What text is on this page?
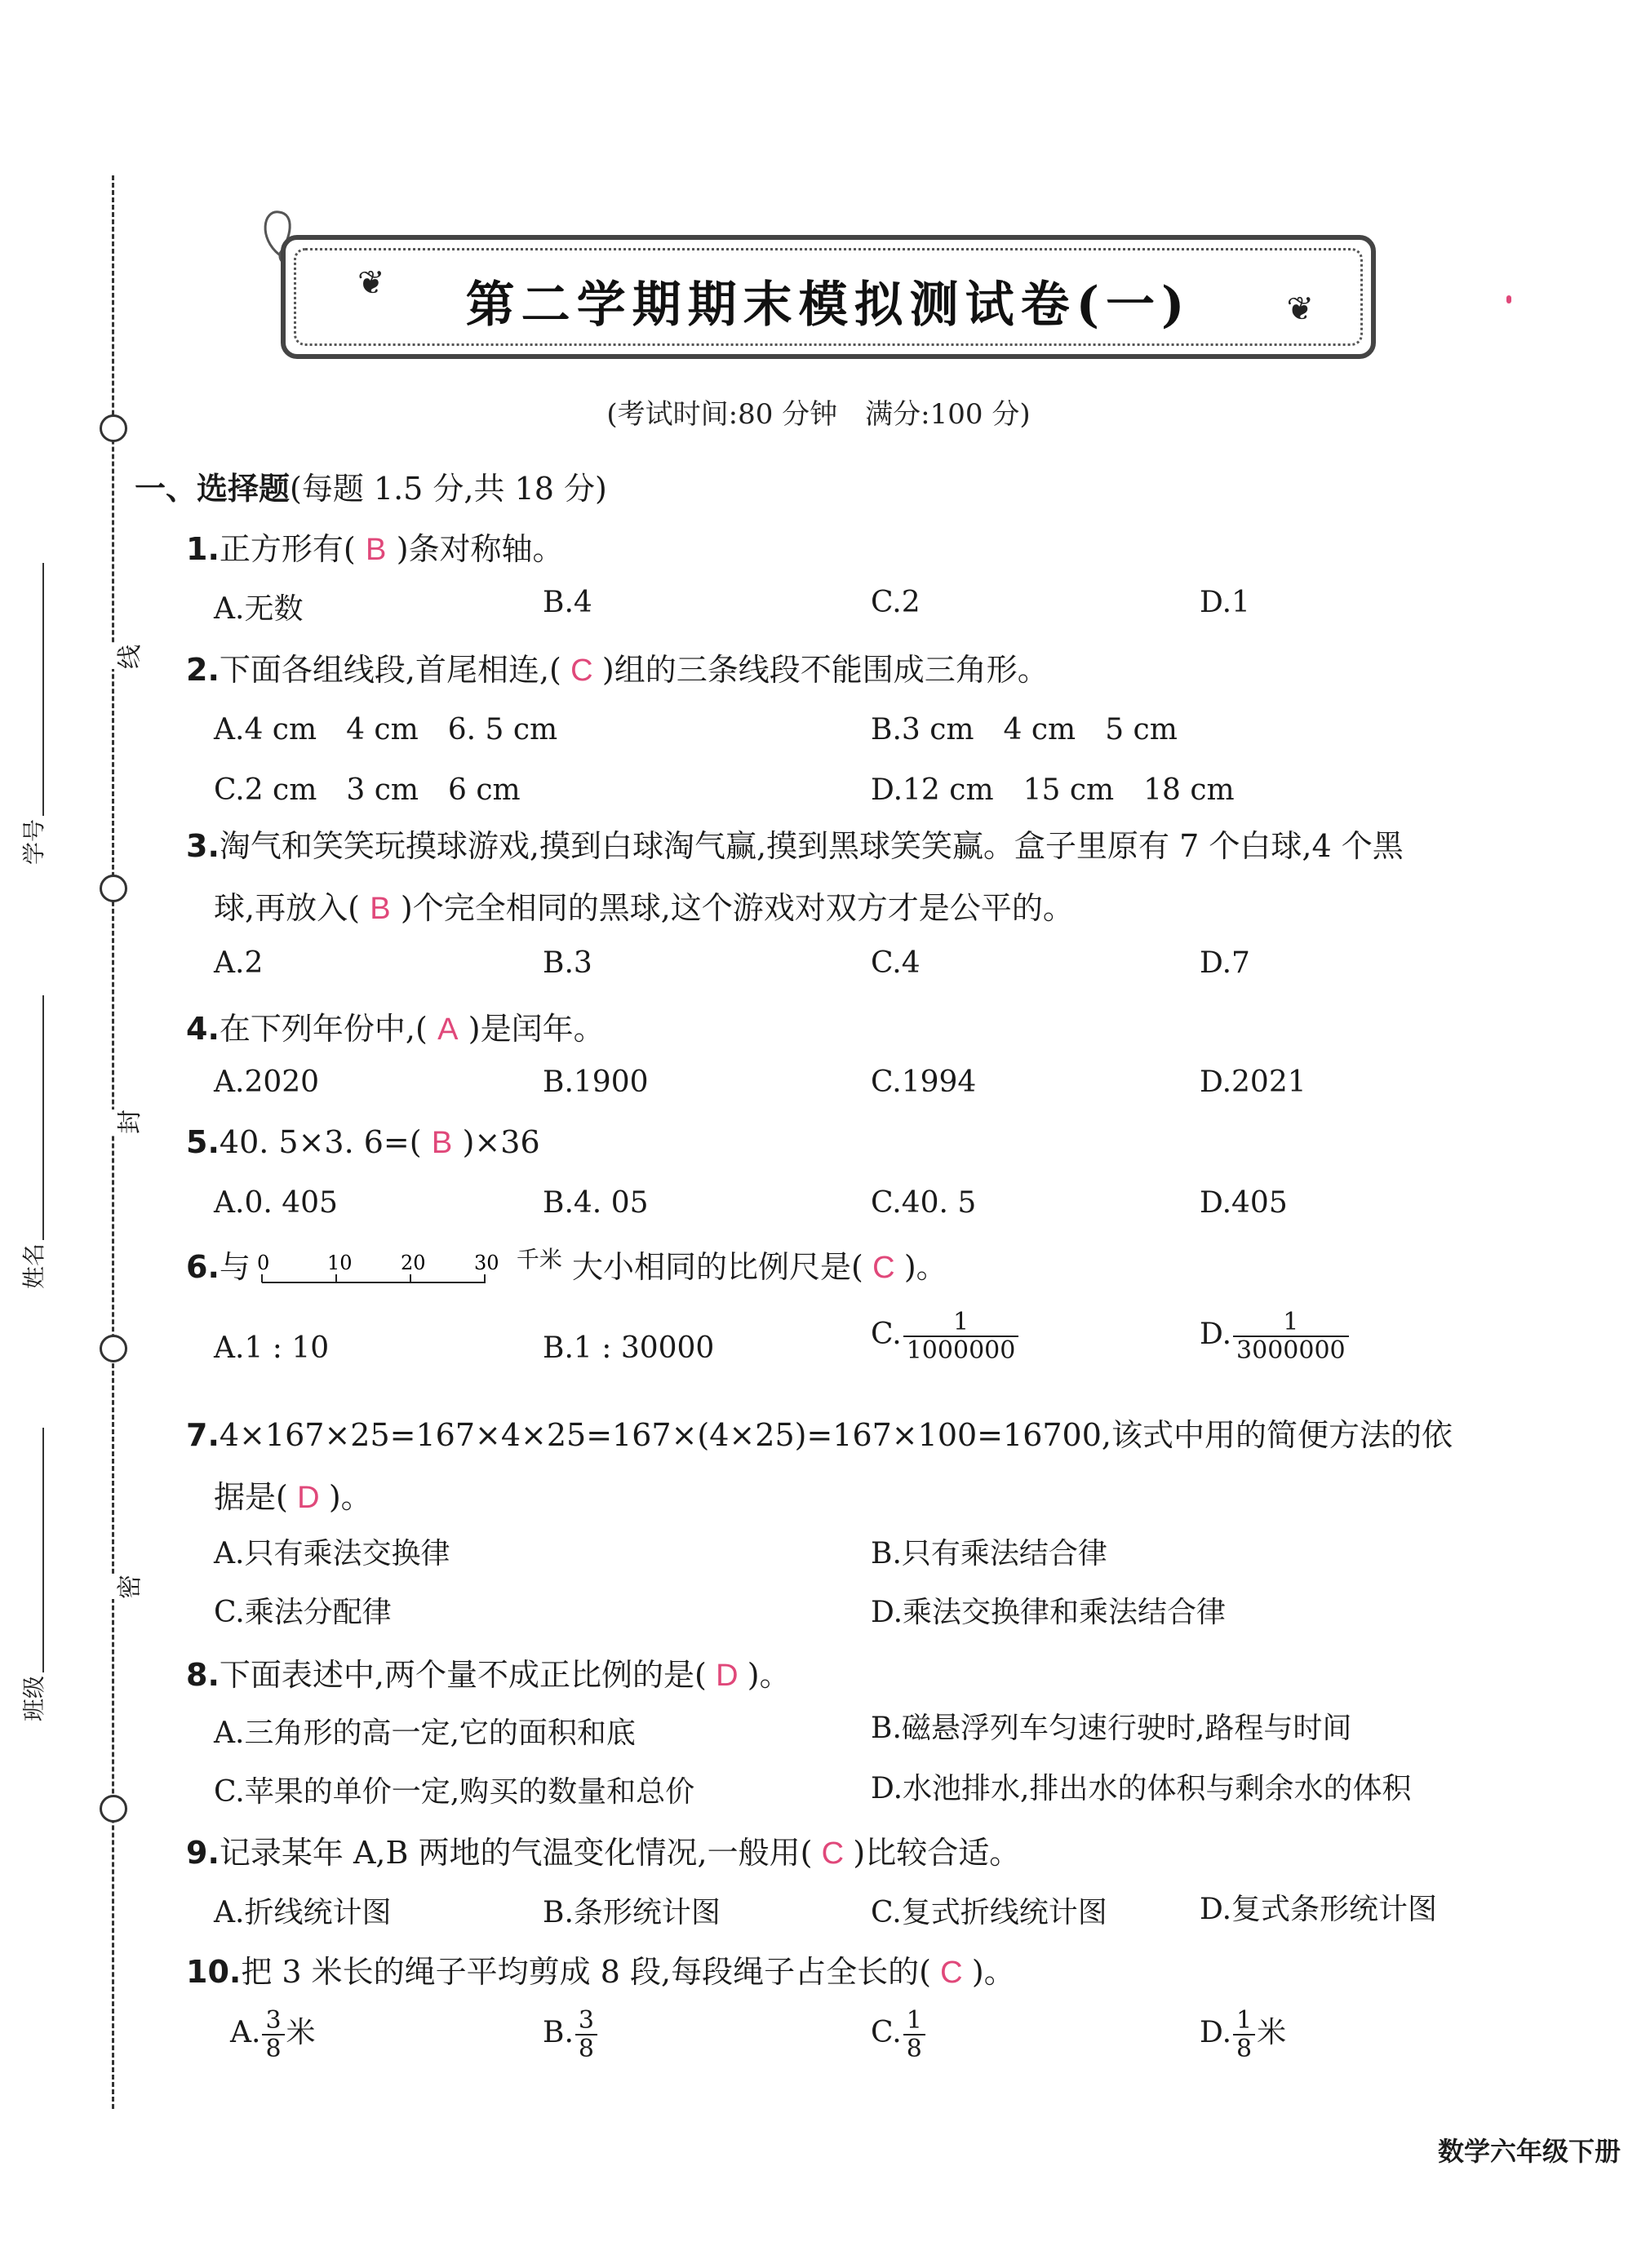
线
封
密
学号
姓名
班级
第二学期期末模拟测试卷(一)
❦
❦
(考试时间:80 分钟　满分:100 分)
一、选择题(每题 1.5 分,共 18 分)
1.正方形有( B )条对称轴。
A.无数	B.4	C.2	D.1
2.下面各组线段,首尾相连,( C )组的三条线段不能围成三角形。
A.4 cm　4 cm　6. 5 cm	B.3 cm　4 cm　5 cm
C.2 cm　3 cm　6 cm	D.12 cm　15 cm　18 cm
3.淘气和笑笑玩摸球游戏,摸到白球淘气赢,摸到黑球笑笑赢。盒子里原有 7 个白球,4 个黑
球,再放入( B )个完全相同的黑球,这个游戏对双方才是公平的。
A.2	B.3	C.4	D.7
4.在下列年份中,( A )是闰年。
A.2020	B.1900	C.1994	D.2021
5.40. 5×3. 6=( B )×36
A.0. 405	B.4. 05	C.40. 5	D.405
6.与 0	10 20 30 $^{千米}$ 大小相同的比例尺是( C )。
A.1 : 10	B.1 : 30000	C. $\frac{1}{1000000}$	D. $\frac{1}{3000000}$
7.4×167×25=167×4×25=167×(4×25)=167×100=16700,该式中用的简便方法的依
据是( D )。
A.只有乘法交换律	B.只有乘法结合律
C.乘法分配律	D.乘法交换律和乘法结合律
8.下面表述中,两个量不成正比例的是( D )。
A.三角形的高一定,它的面积和底	B.磁悬浮列车匀速行驶时,路程与时间
C.苹果的单价一定,购买的数量和总价	D.水池排水,排出水的体积与剩余水的体积
9.记录某年 A,B 两地的气温变化情况,一般用( C )比较合适。
A.折线统计图	B.条形统计图	C.复式折线统计图	D.复式条形统计图
10.把 3 米长的绳子平均剪成 8 段,每段绳子占全长的( C )。
A. $\frac{3}{8}$ 米	B. $\frac{3}{8}$	C. $\frac{1}{8}$	D. $\frac{1}{8}$ 米
数学六年级下册
